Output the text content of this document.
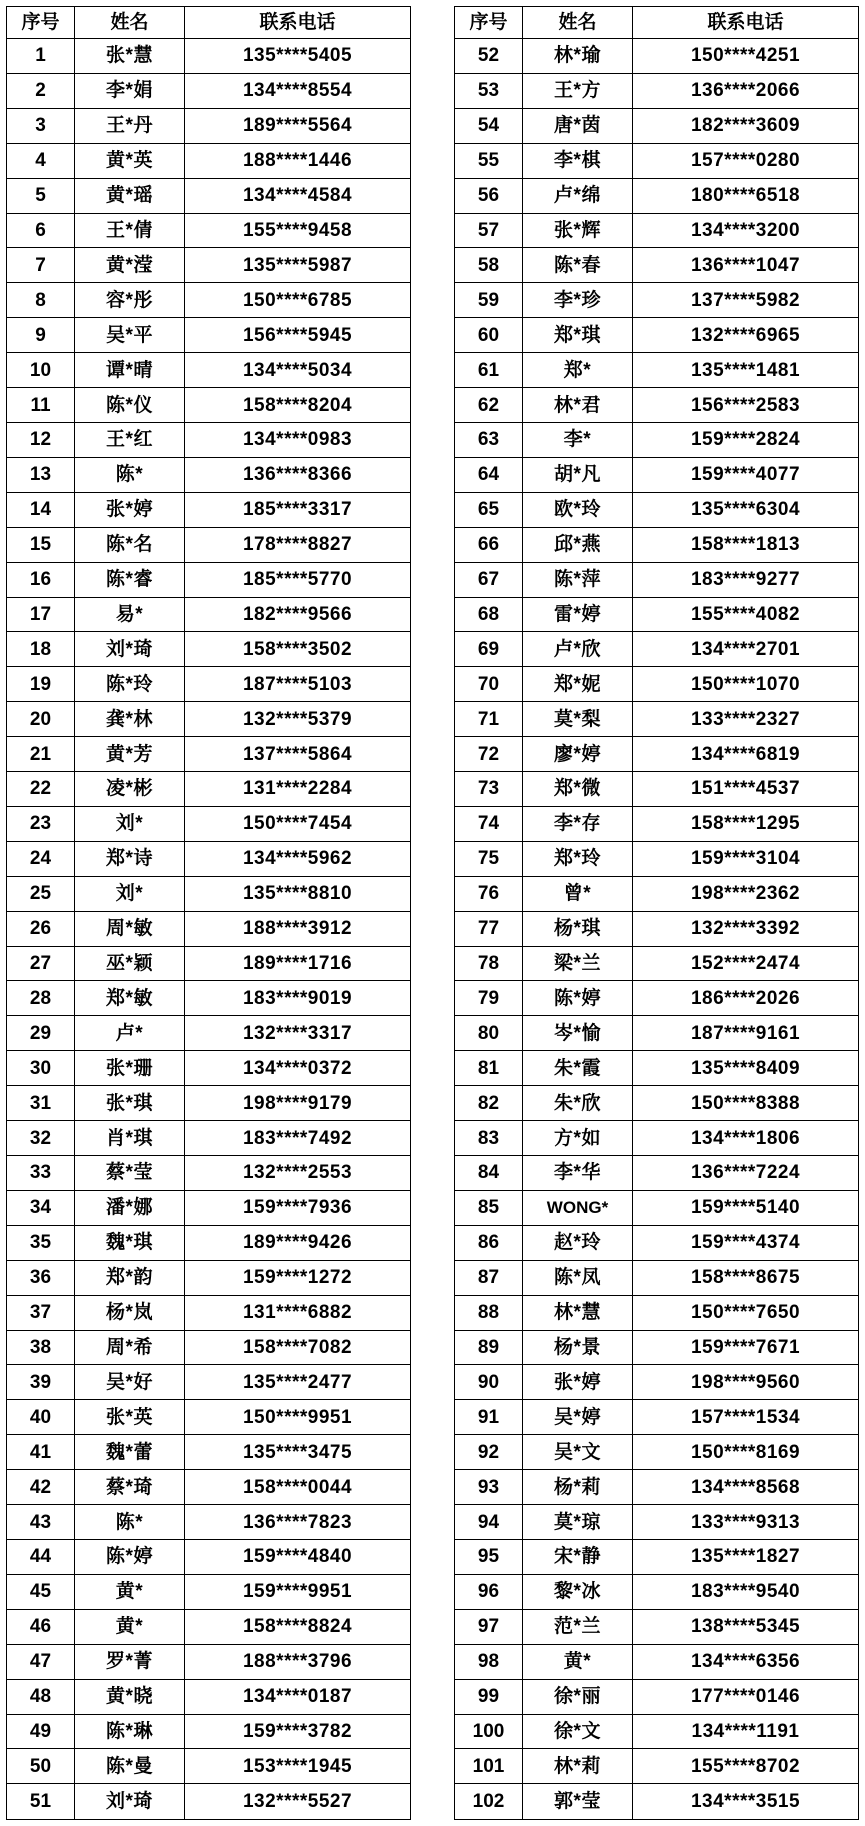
序号	姓名	联系电话
1	张*慧	135****5405
2	李*娟	134****8554
3	王*丹	189****5564
4	黄*英	188****1446
5	黄*瑶	134****4584
6	王*倩	155****9458
7	黄*滢	135****5987
8	容*彤	150****6785
9	吴*平	156****5945
10	谭*晴	134****5034
11	陈*仪	158****8204
12	王*红	134****0983
13	陈*	136****8366
14	张*婷	185****3317
15	陈*名	178****8827
16	陈*睿	185****5770
17	易*	182****9566
18	刘*琦	158****3502
19	陈*玲	187****5103
20	龚*林	132****5379
21	黄*芳	137****5864
22	凌*彬	131****2284
23	刘*	150****7454
24	郑*诗	134****5962
25	刘*	135****8810
26	周*敏	188****3912
27	巫*颖	189****1716
28	郑*敏	183****9019
29	卢*	132****3317
30	张*珊	134****0372
31	张*琪	198****9179
32	肖*琪	183****7492
33	蔡*莹	132****2553
34	潘*娜	159****7936
35	魏*琪	189****9426
36	郑*韵	159****1272
37	杨*岚	131****6882
38	周*希	158****7082
39	吴*好	135****2477
40	张*英	150****9951
41	魏*蕾	135****3475
42	蔡*琦	158****0044
43	陈*	136****7823
44	陈*婷	159****4840
45	黄*	159****9951
46	黄*	158****8824
47	罗*菁	188****3796
48	黄*晓	134****0187
49	陈*琳	159****3782
50	陈*曼	153****1945
51	刘*琦	132****5527
序号	姓名	联系电话
52	林*瑜	150****4251
53	王*方	136****2066
54	唐*茵	182****3609
55	李*棋	157****0280
56	卢*绵	180****6518
57	张*辉	134****3200
58	陈*春	136****1047
59	李*珍	137****5982
60	郑*琪	132****6965
61	郑*	135****1481
62	林*君	156****2583
63	李*	159****2824
64	胡*凡	159****4077
65	欧*玲	135****6304
66	邱*燕	158****1813
67	陈*萍	183****9277
68	雷*婷	155****4082
69	卢*欣	134****2701
70	郑*妮	150****1070
71	莫*梨	133****2327
72	廖*婷	134****6819
73	郑*微	151****4537
74	李*存	158****1295
75	郑*玲	159****3104
76	曾*	198****2362
77	杨*琪	132****3392
78	梁*兰	152****2474
79	陈*婷	186****2026
80	岑*愉	187****9161
81	朱*霞	135****8409
82	朱*欣	150****8388
83	方*如	134****1806
84	李*华	136****7224
85	WONG*	159****5140
86	赵*玲	159****4374
87	陈*凤	158****8675
88	林*慧	150****7650
89	杨*景	159****7671
90	张*婷	198****9560
91	吴*婷	157****1534
92	吴*文	150****8169
93	杨*莉	134****8568
94	莫*琼	133****9313
95	宋*静	135****1827
96	黎*冰	183****9540
97	范*兰	138****5345
98	黄*	134****6356
99	徐*丽	177****0146
100	徐*文	134****1191
101	林*莉	155****8702
102	郭*莹	134****3515
